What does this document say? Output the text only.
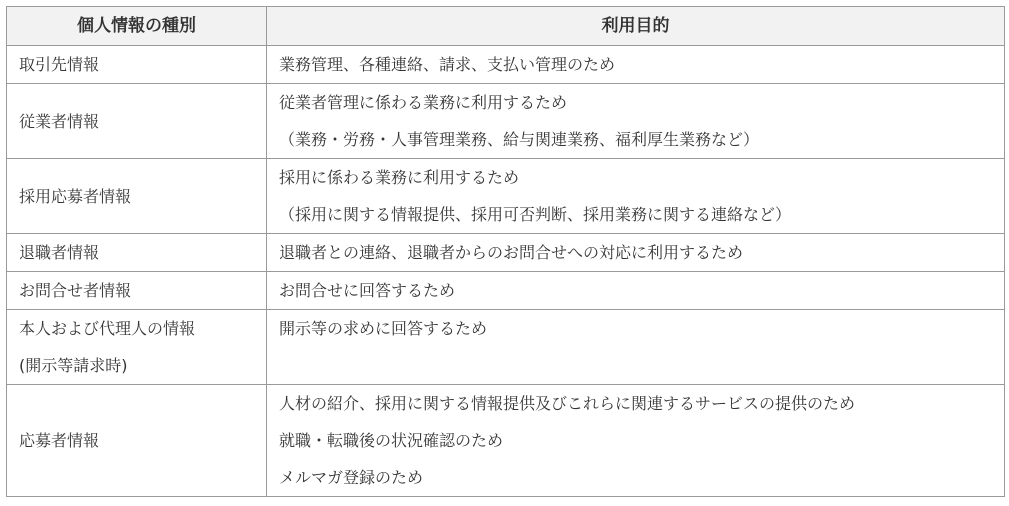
個人情報の種別	利用目的

取引先情報	業務管理、各種連絡、請求、支払い管理のため

従業者情報	従業者管理に係わる業務に利用するため
（業務・労務・人事管理業務、給与関連業務、福利厚生業務など）

採用応募者情報	採用に係わる業務に利用するため
（採用に関する情報提供、採用可否判断、採用業務に関する連絡など）

退職者情報	退職者との連絡、退職者からのお問合せへの対応に利用するため

お問合せ者情報	お問合せに回答するため

本人および代理人の情報
(開示等請求時)	開示等の求めに回答するため

応募者情報	人材の紹介、採用に関する情報提供及びこれらに関連するサービスの提供のため
就職・転職後の状況確認のため
メルマガ登録のため
